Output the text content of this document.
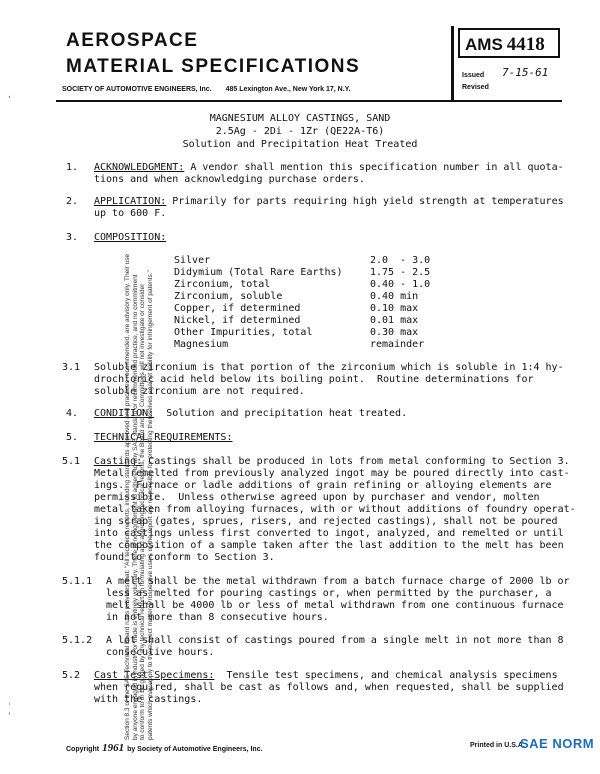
AEROSPACE
MATERIAL SPECIFICATIONS
SOCIETY OF AUTOMOTIVE ENGINEERS, Inc. 485 Lexington Ave., New York 17, N.Y.
AMS 4418
Issued 7-15-61
Revised
MAGNESIUM ALLOY CASTINGS, SAND
2.5Ag - 2Di - 1Zr (QE22A-T6)
Solution and Precipitation Heat Treated
1. ACKNOWLEDGMENT: A vendor shall mention this specification number in all quota-
tions and when acknowledging purchase orders.
2. APPLICATION: Primarily for parts requiring high yield strength at temperatures
up to 600 F.
3. COMPOSITION:
Silver	2.0  - 3.0
Didymium (Total Rare Earths)	1.75 - 2.5
Zirconium, total	0.40 - 1.0
Zirconium, soluble	0.40 min
Copper, if determined	0.10 max
Nickel, if determined	0.01 max
Other Impurities, total	0.30 max
Magnesium	remainder
3.1 Soluble zirconium is that portion of the zirconium which is soluble in 1:4 hy-
drochloric acid held below its boiling point.  Routine determinations for
soluble zirconium are not required.
4. CONDITION: Solution and precipitation heat treated.
5. TECHNICAL REQUIREMENTS:
5.1 Casting: Castings shall be produced in lots from metal conforming to Section 3.
Metal remelted from previously analyzed ingot may be poured directly into cast-
ings.  Furnace or ladle additions of grain refining or alloying elements are
permissible.  Unless otherwise agreed upon by purchaser and vendor, molten
metal taken from alloying furnaces, with or without additions of foundry operat-
ing scrap (gates, sprues, risers, and rejected castings), shall not be poured
into castings unless first converted to ingot, analyzed, and remelted or until
the composition of a sample taken after the last addition to the melt has been
found to conform to Section 3.
5.1.1 A melt shall be the metal withdrawn from a batch furnace charge of 2000 lb or
less as melted for pouring castings or, when permitted by the purchaser, a
melt shall be 4000 lb or less of metal withdrawn from one continuous furnace
in not more than 8 consecutive hours.
5.1.2 A lot shall consist of castings poured from a single melt in not more than 8
consecutive hours.
5.2 Cast Test Specimens: Tensile test specimens, and chemical analysis specimens
when required, shall be cast as follows and, when requested, shall be supplied
with the castings.
Section 8.3 of the SAE Technical Board rules provides that: "All technical reports, including standards approved and practices recommended, are advisory only. Their use by anyone engaged in industry or trade is entirely voluntary. There is no agreement to adhere to any SAE standard or recommended practice, and no commitment to conform to or be guided by any technical report. In formulating and approving technical reports, the Board and its Committees will not investigate or consider patents which may apply to the subject matter. Prospective users of the report are responsible for protecting themselves against liability for infringement of patents."
,
·
ʻ
Copyright 1961 by Society of Automotive Engineers, Inc.
Printed in U.S.A.
SAE NORM
